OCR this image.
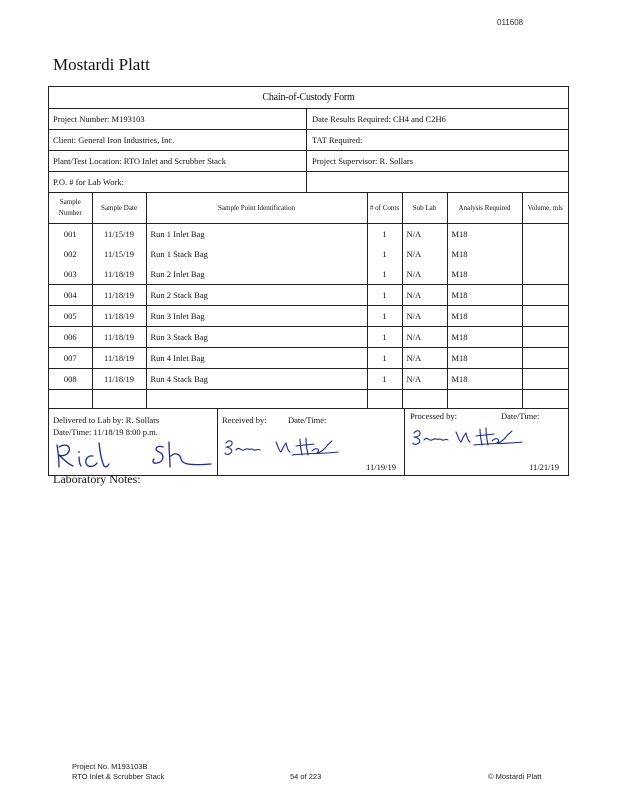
011608
Mostardi Platt
Chain-of-Custody Form
Project Number: M193103	Date Results Required: CH4 and C2H6
Client: General Iron Industries, Inc.	TAT Required:
Plant/Test Location: RTO Inlet and Scrubber Stack	Project Supervisor: R. Sollars
P.O. # for Lab Work:
Sample Number	Sample Date	Sample Point Identification	# of Conts	Sub Lab	Analysis Required	Volume, mls
001	11/15/19	Run 1 Inlet Bag	1	N/A	M18	
002	11/15/19	Run 1 Stack Bag	1	N/A	M18	
003	11/18/19	Run 2 Inlet Bag	1	N/A	M18	
004	11/18/19	Run 2 Stack Bag	1	N/A	M18	
005	11/18/19	Run 3 Inlet Bag	1	N/A	M18	
006	11/18/19	Run 3 Stack Bag	1	N/A	M18	
007	11/18/19	Run 4 Inlet Bag	1	N/A	M18	
008	11/18/19	Run 4 Stack Bag	1	N/A	M18	

Delivered to Lab by: R. Sollars
Date/Time: 11/18/19 8:00 p.m.
Received by:	Date/Time:
11/19/19
Processed by:	Date/Time:
11/21/19
Laboratory Notes:
Project No. M193103B
RTO Inlet & Scrubber Stack	54 of 223	© Mostardi Platt
